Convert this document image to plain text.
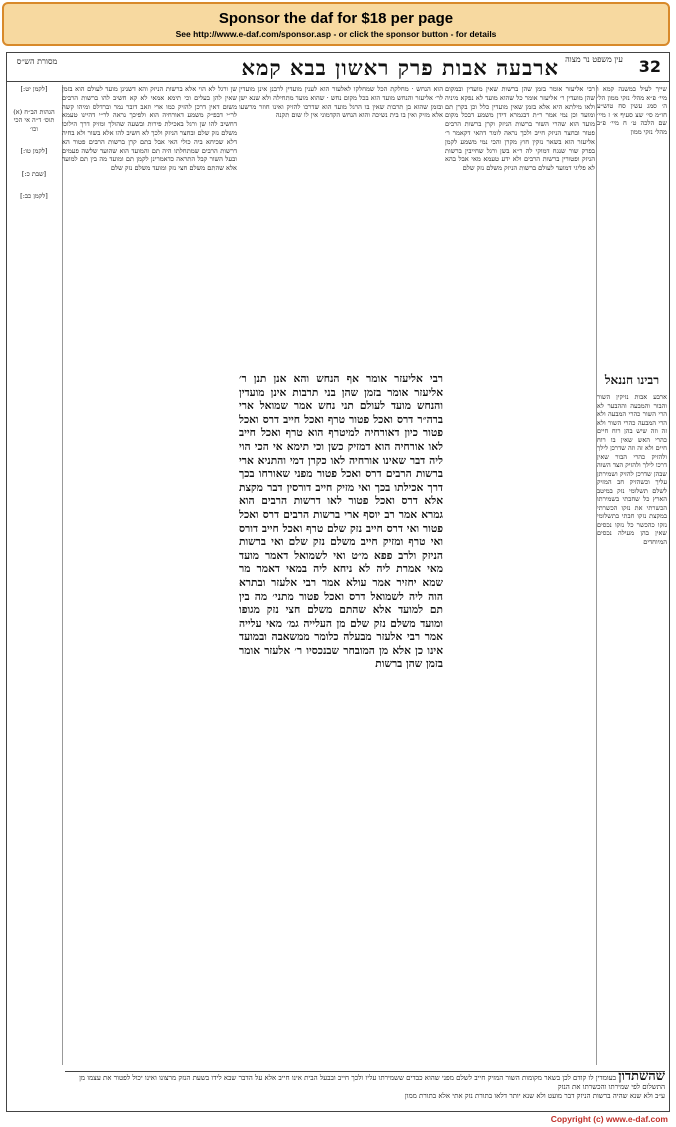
Sponsor the daf for $18 per page
See http://www.e-daf.com/sponsor.asp - or click the sponsor button - for details
32
עין משפט נר מצוה
ארבעה אבות פרק ראשון בבא קמא
מסורת הש״ס

שייך לעיל במשנה קמא ו מיי׳ פ״א מהל׳ נזקי ממון הל׳ ה׳ סמג עשין סח טוש״ע חו״מ סי׳ שצ סעיף א׳ ז מיי׳ שם הלכה ט׳ ח מיי׳ פ״ב מהל׳ נזקי ממון

רבינו חננאל

ארבע אבות נזיקין השור והבור והמבעה וההבער לא הרי השור כהרי המבעה ולא הרי המבעה כהרי השור ולא זה וזה שיש בהן רוח חיים כהרי האש שאין בו רוח חיים ולא זה וזה שדרכן לילך ולהזיק כהרי הבור שאין דרכו לילך ולהזיק הצד השוה שבהן שדרכן להזיק ושמירתן עליך וכשהזיק חב המזיק לשלם תשלומי נזק במיטב הארץ כל שחבתי בשמירתו הכשרתי את נזקו הכשרתי במקצת נזקו חבתי בתשלומי נזקו כהכשר כל נזקו נכסים שאין בהן מעילה נכסים המיוחדים

רבי אליעזר אומר בזמן שהן ברשות שאין מועדין ובמקום שהן מועדין ר׳ אליעזר אומר כל שהוא מועד לא נפקא מיניה ולאו מילתא היא אלא בזמן שאין מועדין כלל וכן בקרן תם ומועד וכן נמי אמר ר״ת דבגמרא דידן משמע דבכל מקום מועד הוא שהרי השור ברשות הניזק וקרן ברשות הרבים פטור ובחצר הניזק חייב ולכך נראה לומר דהאי דקאמר ר׳ אליעזר הוא בשאר נזקין חוץ מקרן והכי נמי משמע לקמן בפרק שור שנגח דמוקי לה ר״א בשן ורגל שחייבין ברשות הניזק ופטורין ברשות הרבים ולא ידע טעמא מאי אבל בהא לא פליגי דמועד לעולם ברשות הניזק משלם נזק שלם

הוא הנחש · מחלקת הכל שמחלקו לאלעזר הוא לענין מועדין לרבנן אינן מועדין לר׳ אליעזר והנחש מועד הוא בכל מקום נחש · שהוא מועד מתחילה ולא שנא ישן ובזמן שהוא בן תרבות שאין בו הרגל מועד הוא שדרכו להזיק ואינו חוזר מרשעו אלא מזיק ואין בו בית נשיכה והוא הנחש הקדמוני אין לו שום תקנה

רבי אליעזר אומר אף הנחש והא אנן תנן ר׳ אליעזר אומר בזמן שהן בני תרבות אינן מועדין והנחש מועד לעולם תני נחש אמר שמואל ארי ברה״ר דרס ואכל פטור טרף ואכל חייב דרס ואכל פטור כיון דאורחיה למיטרף הוא טרף ואכל חייב לאו אורחיה הוא דמזיק כשן וכי תימא אי הכי הוי ליה דבר שאינו אורחיה לאו כקרן דמי והתניא ארי ברשות הרבים דרס ואכל פטור מפני שאורחו בכך דרך אכילתו בכך ואי מזיק חייב דורסין דבר מקצת אלא דרס ואכל פטור לאו דרשות הרבים הוא גמרא אמר רב יוסף ארי ברשות הרבים דרס ואכל פטור ואי דרס חייב נזק שלם טרף ואכל חייב דורס ואי טרף ומזיק חייב משלם נזק שלם ואי ברשות הניזק ולרב פפא מ״ט ואי לשמואל דאמר מועד מאי אמרת ליה לא ניחא ליה במאי דאמר מר שמא יחזיר אמר עולא אמר רבי אלעזר ובתרא הוה ליה לשמואל דרס ואכל פטור מתני׳ מה בין תם למועד אלא שהתם משלם חצי נזק מגופו ומועד משלם נזק שלם מן העלייה גמ׳ מאי עלייה אמר רבי אלעזר מבעלה כלומר ממשאבה ובמועד אינו כן אלא מן המובחר שבנכסיו ר׳ אלעזר אומר בזמן שהן ברשות

שן ורגל לא הוי אלא ברשות הניזק והא דשנינן מועד לעולם הוא בזמן שאין להן בעלים וכי תימא אמאי לא קא חשיב להו ברשות הרבים משום דאין דרכן להזיק כמו ארי וזאב דובר נמר וברדלס ומיהו קשה לר״י דבפ״ק משמע דאורחיה הוא ולפיכך נראה לר״י דהיינו טעמא דחשיב להו שן ורגל באכילת פירות ובשעה שהולך ומזיק דרך הילוכו משלם נזק שלם ובחצר הניזק ולכך לא חשיב להו אלא בשור ולא בחיה דלא שכיחא ביה כולי האי אבל בתם קרן ברשות הרבים פטור הא דרשות הרבים שמתחלתו היה תם והמועד הוא שהועד שלשה פעמים ובעל השור קבל התראה כדאמרינן לקמן תם ומועד מה בין תם למועד אלא שהתם משלם חצי נזק ומועד משלם נזק שלם

[לקמן יט:]
הגהות הב״ח (א) תוס׳ ד״ה אי הכי וכו׳
[לקמן טו:]
[שבת כ:]
[לקמן כב:]
שהשתדון בעומדין לו קודם לכן בשאר מקומות השור המזיק חייב לשלם מפני שהוא כבדים ששמירתו עליו ולכך חייב ובבעל הבית אינו חייב אלא על הדבר שבא לידו בשעת הנזק מרצונו ואינו יכול לפטור את עצמו מן התשלום לפי שמירתו והכשרתו את הנזק
ע״ב ולא שנא שהיה ברשות הניזק דבר מועט ולא שנא יותר דלאו בתורת נזק אתי אלא בתורת ממון
Copyright (c) www.e-daf.com
